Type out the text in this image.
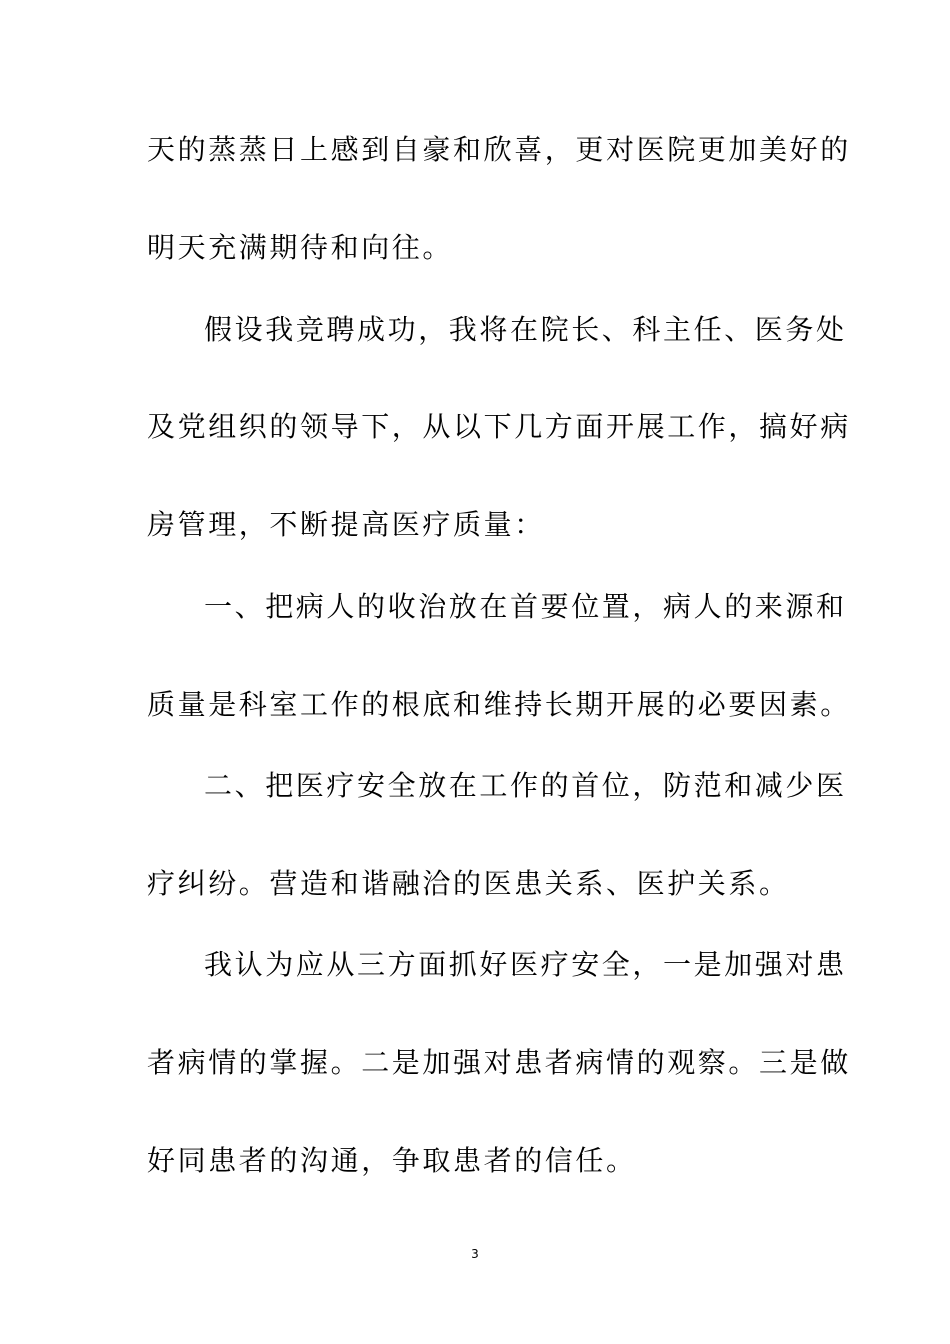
天的蒸蒸日上感到自豪和欣喜，更对医院更加美好的
明天充满期待和向往。
假设我竞聘成功，我将在院长、科主任、医务处
及党组织的领导下，从以下几方面开展工作，搞好病
房管理，不断提高医疗质量：
一、把病人的收治放在首要位置，病人的来源和
质量是科室工作的根底和维持长期开展的必要因素。
二、把医疗安全放在工作的首位，防范和减少医
疗纠纷。营造和谐融洽的医患关系、医护关系。
我认为应从三方面抓好医疗安全，一是加强对患
者病情的掌握。二是加强对患者病情的观察。三是做
好同患者的沟通，争取患者的信任。
3
